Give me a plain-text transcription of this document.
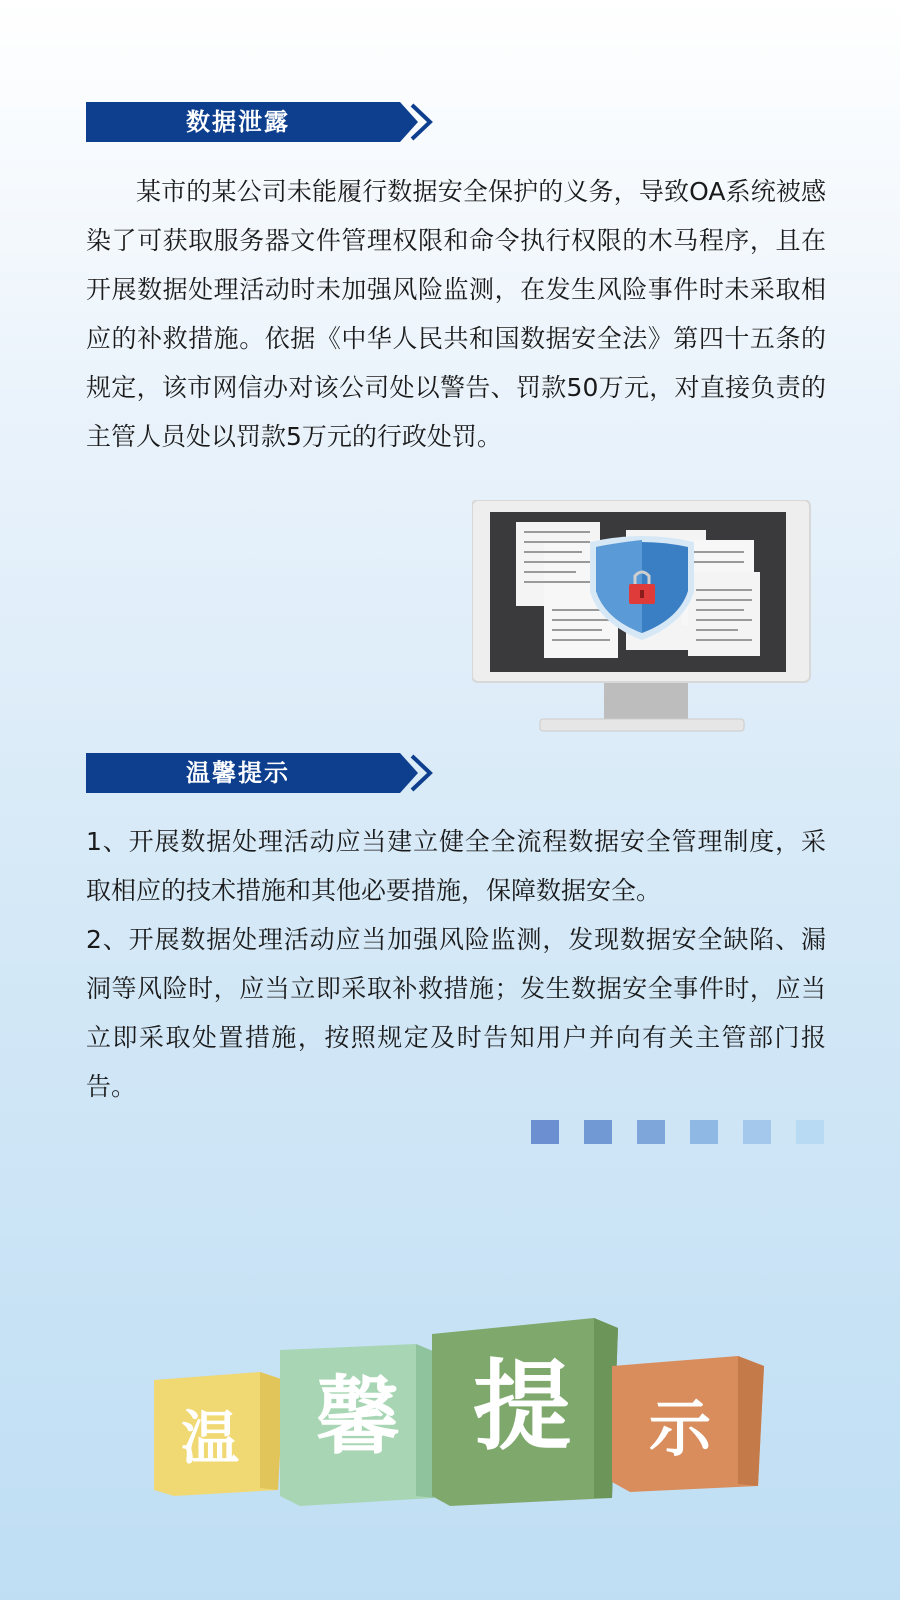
数据泄露

某市的某公司未能履行数据安全保护的义务，导致OA系统被感染了可获取服务器文件管理权限和命令执行权限的木马程序，且在开展数据处理活动时未加强风险监测，在发生风险事件时未采取相应的补救措施。依据《中华人民共和国数据安全法》第四十五条的规定，该市网信办对该公司处以警告、罚款50万元，对直接负责的主管人员处以罚款5万元的行政处罚。

温馨提示

1、开展数据处理活动应当建立健全全流程数据安全管理制度，采取相应的技术措施和其他必要措施，保障数据安全。

2、开展数据处理活动应当加强风险监测，发现数据安全缺陷、漏洞等风险时，应当立即采取补救措施；发生数据安全事件时，应当立即采取处置措施，按照规定及时告知用户并向有关主管部门报告。

温 馨 提 示
